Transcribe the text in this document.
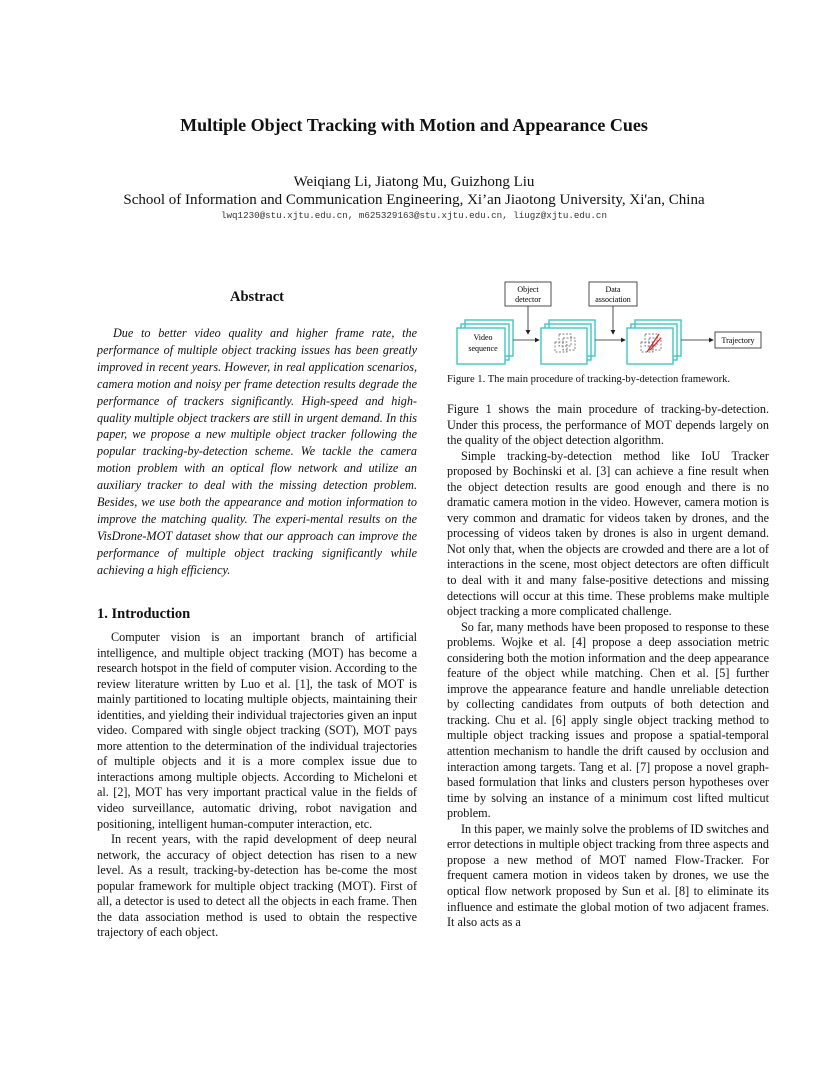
Multiple Object Tracking with Motion and Appearance Cues
Weiqiang Li, Jiatong Mu, Guizhong Liu
School of Information and Communication Engineering, Xi’an Jiaotong University, Xi'an, China
lwq1230@stu.xjtu.edu.cn, m625329163@stu.xjtu.edu.cn, liugz@xjtu.edu.cn
Abstract

Due to better video quality and higher frame rate, the performance of multiple object tracking issues has been greatly improved in recent years. However, in real application scenarios, camera motion and noisy per frame detection results degrade the performance of trackers significantly. High-speed and high-quality multiple object trackers are still in urgent demand. In this paper, we propose a new multiple object tracker following the popular tracking-by-detection scheme. We tackle the camera motion problem with an optical flow network and utilize an auxiliary tracker to deal with the missing detection problem. Besides, we use both the appearance and motion information to improve the matching quality. The experi-mental results on the VisDrone-MOT dataset show that our approach can improve the performance of multiple object tracking significantly while achieving a high efficiency.

1. Introduction

Computer vision is an important branch of artificial intelligence, and multiple object tracking (MOT) has become a research hotspot in the field of computer vision. According to the review literature written by Luo et al. [1], the task of MOT is mainly partitioned to locating multiple objects, maintaining their identities, and yielding their individual trajectories given an input video. Compared with single object tracking (SOT), MOT pays more attention to the determination of the individual trajectories of multiple objects and it is a more complex issue due to interactions among multiple objects. According to Micheloni et al. [2], MOT has very important practical value in the fields of video surveillance, automatic driving, robot navigation and positioning, intelligent human-computer interaction, etc.

In recent years, with the rapid development of deep neural network, the accuracy of object detection has risen to a new level. As a result, tracking-by-detection has be-come the most popular framework for multiple object tracking (MOT). First of all, a detector is used to detect all the objects in each frame. Then the data association method is used to obtain the respective trajectory of each object.

Object
detector
Data
association
Video
sequence
Trajectory
Figure 1. The main procedure of tracking-by-detection framework.

Figure 1 shows the main procedure of tracking-by-detection. Under this process, the performance of MOT depends largely on the quality of the object detection algorithm.

Simple tracking-by-detection method like IoU Tracker proposed by Bochinski et al. [3] can achieve a fine result when the object detection results are good enough and there is no dramatic camera motion in the video. However, camera motion is very common and dramatic for videos taken by drones, and the processing of videos taken by drones is also in urgent demand. Not only that, when the objects are crowded and there are a lot of interactions in the scene, most object detectors are often difficult to deal with it and many false-positive detections and missing detections will occur at this time. These problems make multiple object tracking a more complicated challenge.

So far, many methods have been proposed to response to these problems. Wojke et al. [4] propose a deep association metric considering both the motion information and the deep appearance feature of the object while matching. Chen et al. [5] further improve the appearance feature and handle unreliable detection by collecting candidates from outputs of both detection and tracking. Chu et al. [6] apply single object tracking method to multiple object tracking issues and propose a spatial-temporal attention mechanism to handle the drift caused by occlusion and interaction among targets. Tang et al. [7] propose a novel graph-based formulation that links and clusters person hypotheses over time by solving an instance of a minimum cost lifted multicut problem.

In this paper, we mainly solve the problems of ID switches and error detections in multiple object tracking from three aspects and propose a new method of MOT named Flow-Tracker. For frequent camera motion in videos taken by drones, we use the optical flow network proposed by Sun et al. [8] to eliminate its influence and estimate the global motion of two adjacent frames. It also acts as a
